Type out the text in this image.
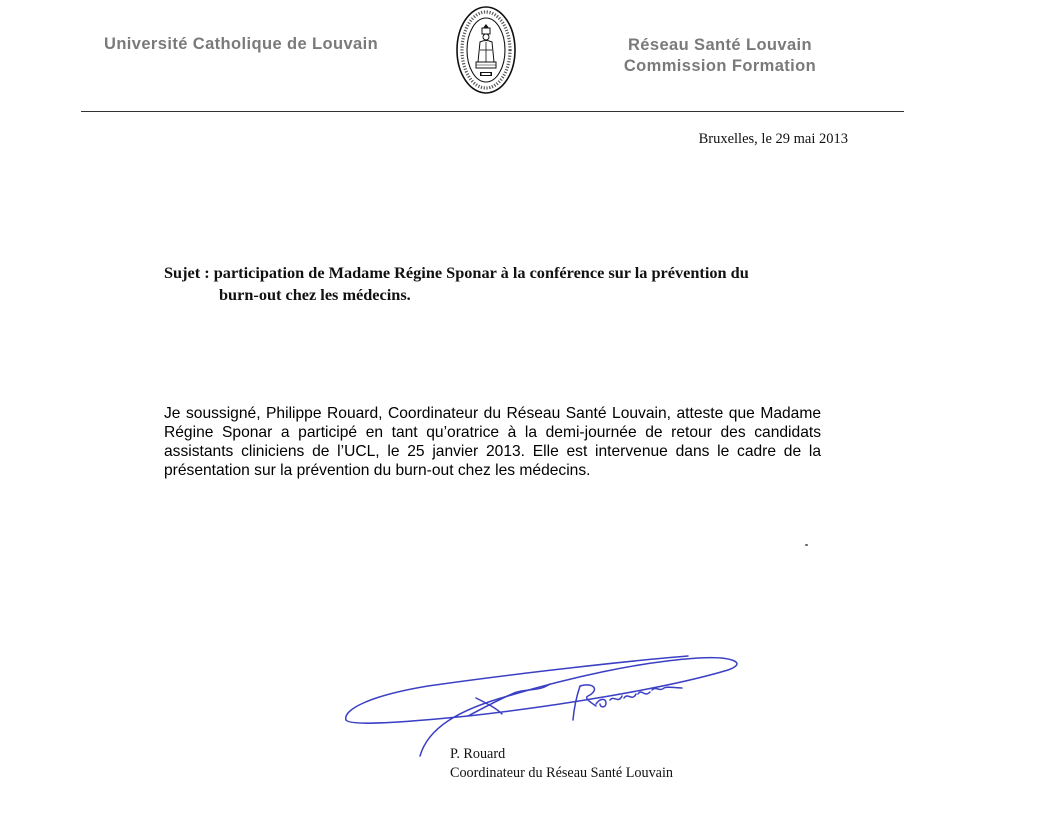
Université Catholique de Louvain	Réseau Santé Louvain
Commission Formation
Bruxelles, le 29 mai 2013
Sujet : participation de Madame Régine Sponar à la conférence sur la prévention du
burn-out chez les médecins.
Je soussigné, Philippe Rouard, Coordinateur du Réseau Santé Louvain, atteste que Madame Régine Sponar a participé en tant qu’oratrice à la demi-journée de retour des candidats assistants cliniciens de l’UCL, le 25 janvier 2013. Elle est intervenue dans le cadre de la présentation sur la prévention du burn-out chez les médecins.
P. Rouard
Coordinateur du Réseau Santé Louvain
